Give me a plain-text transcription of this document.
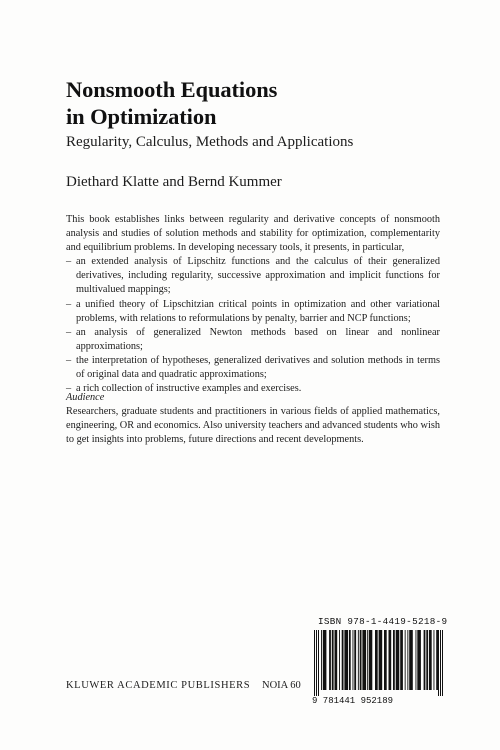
Nonsmooth Equations
in Optimization
Regularity, Calculus, Methods and Applications
Diethard Klatte and Bernd Kummer

This book establishes links between regularity and derivative concepts of nonsmooth analysis and studies of solution methods and stability for optimization, complementarity and equilibrium problems. In developing necessary tools, it presents, in particular,

– an extended analysis of Lipschitz functions and the calculus of their generalized derivatives, including regularity, successive approximation and implicit functions for multivalued mappings;
– a unified theory of Lipschitzian critical points in optimization and other variational problems, with relations to reformulations by penalty, barrier and NCP functions;
– an analysis of generalized Newton methods based on linear and nonlinear approximations;
– the interpretation of hypotheses, generalized derivatives and solution methods in terms of original data and quadratic approximations;
– a rich collection of instructive examples and exercises.
Audience
Researchers, graduate students and practitioners in various fields of applied mathematics, engineering, OR and economics. Also university teachers and advanced students who wish to get insights into problems, future directions and recent developments.
KLUWER ACADEMIC PUBLISHERS NOIA 60
ISBN 978-1-4419-5218-9
9 781441 952189
